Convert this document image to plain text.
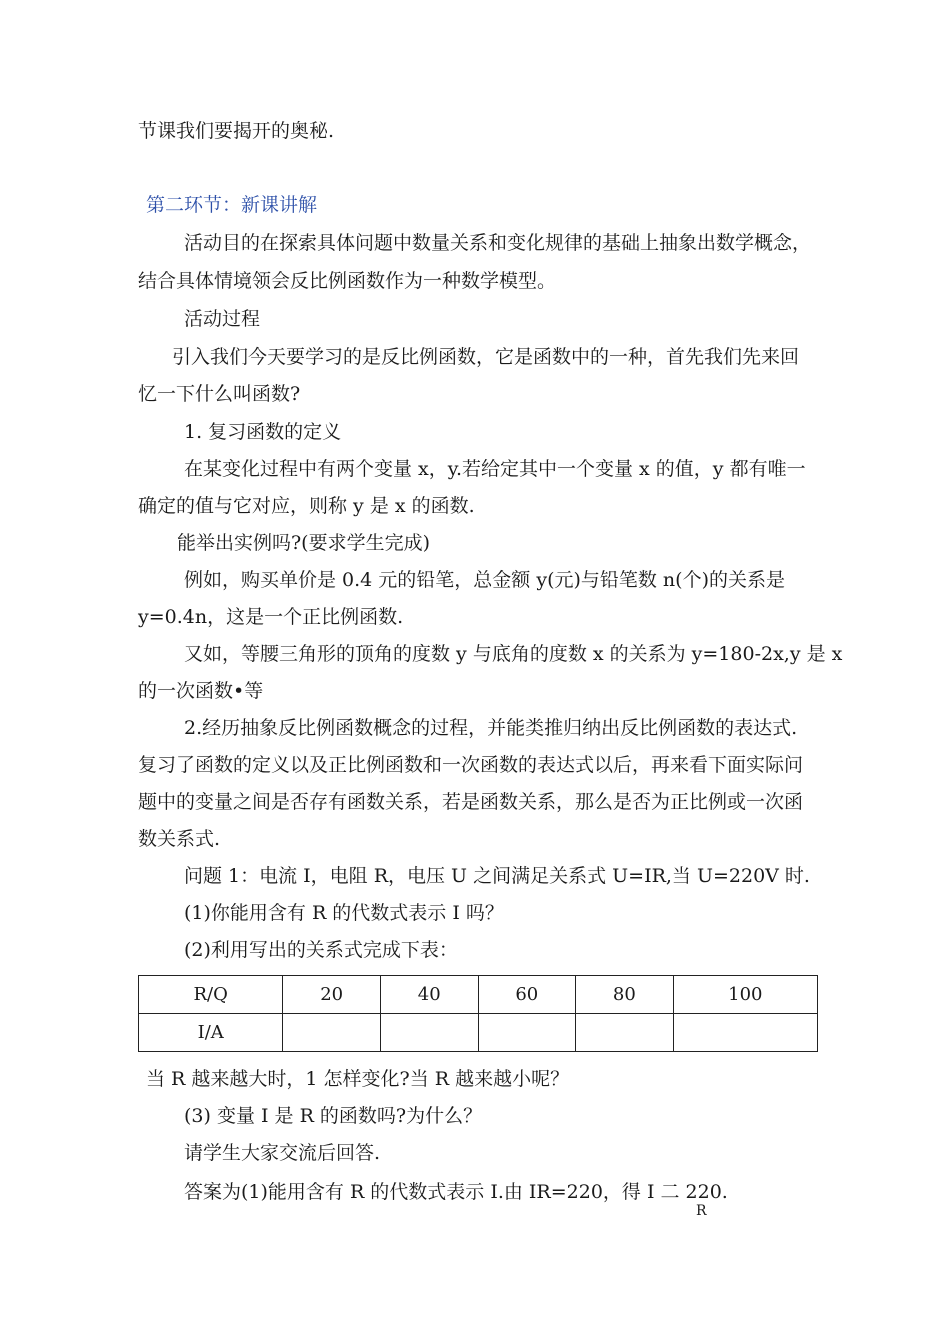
节课我们要揭开的奥秘.
第二环节：新课讲解
活动目的在探索具体问题中数量关系和变化规律的基础上抽象出数学概念，
结合具体情境领会反比例函数作为一种数学模型。
活动过程
引入我们今天要学习的是反比例函数，它是函数中的一种，首先我们先来回
忆一下什么叫函数?
1. 复习函数的定义
在某变化过程中有两个变量 x，y.若给定其中一个变量 x 的值，y 都有唯一
确定的值与它对应，则称 y 是 x 的函数.
能举出实例吗?(要求学生完成)
例如，购买单价是 0.4 元的铅笔，总金额 y(元)与铅笔数 n(个)的关系是
y=0.4n，这是一个正比例函数.
又如，等腰三角形的顶角的度数 y 与底角的度数 x 的关系为 y=180-2x,y 是 x
的一次函数•等
2.经历抽象反比例函数概念的过程，并能类推归纳出反比例函数的表达式.
复习了函数的定义以及正比例函数和一次函数的表达式以后，再来看下面实际问
题中的变量之间是否存有函数关系，若是函数关系，那么是否为正比例或一次函
数关系式.
问题 1：电流 I，电阻 R，电压 U 之间满足关系式 U=IR,当 U=220V 时.
(1)你能用含有 R 的代数式表示 I 吗？
(2)利用写出的关系式完成下表：
R/Q	20	40	60	80	100
I/A					
当 R 越来越大时，1 怎样变化?当 R 越来越小呢？
(3) 变量 I 是 R 的函数吗?为什么？
请学生大家交流后回答.
答案为(1)能用含有 R 的代数式表示 I.由 IR=220，得 I 二 220.
R
